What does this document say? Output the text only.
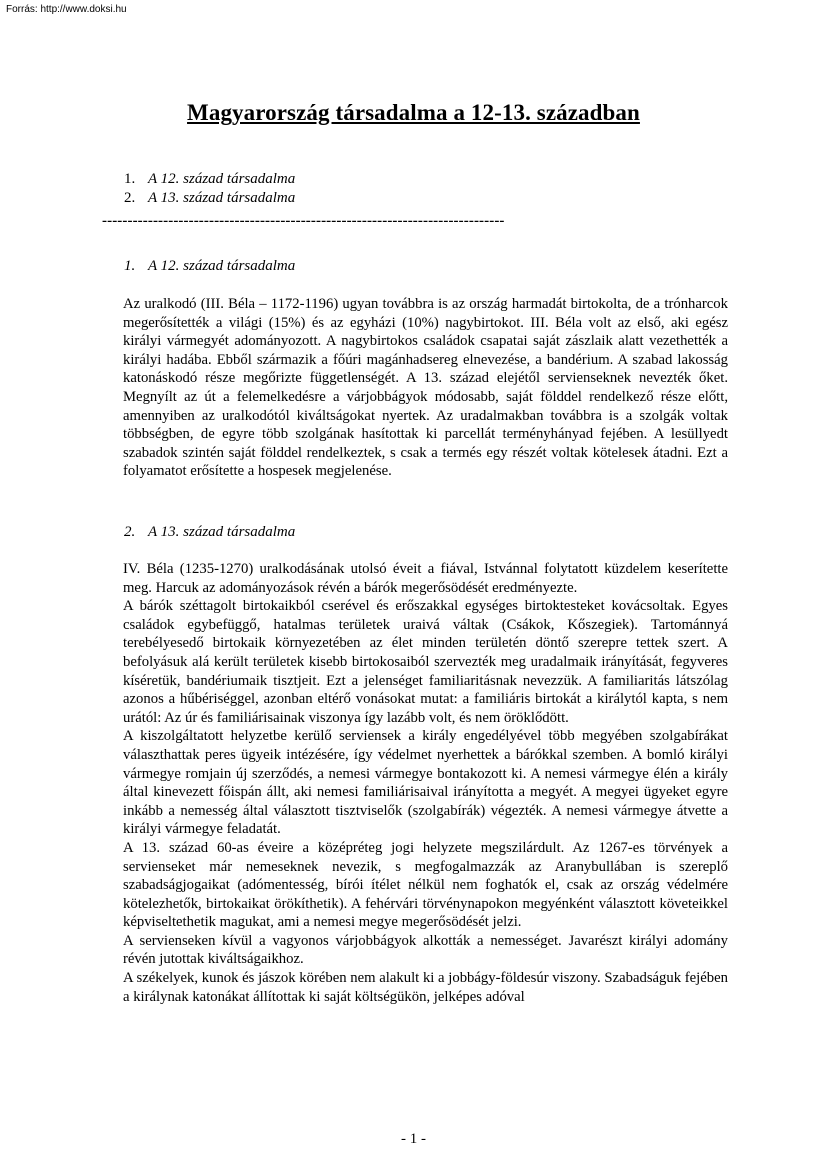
Forrás: http://www.doksi.hu
Magyarország társadalma a 12-13. században
1. A 12. század társadalma
2. A 13. század társadalma
-------------------------------------------------------------------------------
1. A 12. század társadalma

Az uralkodó (III. Béla – 1172-1196) ugyan továbbra is az ország harmadát birtokolta, de a trónharcok megerősítették a világi (15%) és az egyházi (10%) nagybirtokot. III. Béla volt az első, aki egész királyi vármegyét adományozott. A nagybirtokos családok csapatai saját zászlaik alatt vezethették a királyi hadába. Ebből származik a főúri magánhadsereg elnevezése, a bandérium. A szabad lakosság katonáskodó része megőrizte függetlenségét. A 13. század elejétől servienseknek nevezték őket. Megnyílt az út a felemelkedésre a várjobbágyok módosabb, saját földdel rendelkező része előtt, amennyiben az uralkodótól kiváltságokat nyertek. Az uradalmakban továbbra is a szolgák voltak többségben, de egyre több szolgának hasítottak ki parcellát terményhányad fejében. A lesüllyedt szabadok szintén saját földdel rendelkeztek, s csak a termés egy részét voltak kötelesek átadni. Ezt a folyamatot erősítette a hospesek megjelenése.

2. A 13. század társadalma

IV. Béla (1235-1270) uralkodásának utolsó éveit a fiával, Istvánnal folytatott küzdelem keserítette meg. Harcuk az adományozások révén a bárók megerősödését eredményezte.

A bárók széttagolt birtokaikból cserével és erőszakkal egységes birtoktesteket kovácsoltak. Egyes családok egybefüggő, hatalmas területek uraivá váltak (Csákok, Kőszegiek). Tartománnyá terebélyesedő birtokaik környezetében az élet minden területén döntő szerepre tettek szert. A befolyásuk alá került területek kisebb birtokosaiból szervezték meg uradalmaik irányítását, fegyveres kíséretük, bandériumaik tisztjeit. Ezt a jelenséget familiaritásnak nevezzük. A familiaritás látszólag azonos a hűbériséggel, azonban eltérő vonásokat mutat: a familiáris birtokát a királytól kapta, s nem urától: Az úr és familiárisainak viszonya így lazább volt, és nem öröklődött.

A kiszolgáltatott helyzetbe kerülő serviensek a király engedélyével több megyében szolgabírákat választhattak peres ügyeik intézésére, így védelmet nyerhettek a bárókkal szemben. A bomló királyi vármegye romjain új szerződés, a nemesi vármegye bontakozott ki. A nemesi vármegye élén a király által kinevezett főispán állt, aki nemesi familiárisaival irányította a megyét. A megyei ügyeket egyre inkább a nemesség által választott tisztviselők (szolgabírák) végezték. A nemesi vármegye átvette a királyi vármegye feladatát.

A 13. század 60-as éveire a középréteg jogi helyzete megszilárdult. Az 1267-es törvények a servienseket már nemeseknek nevezik, s megfogalmazzák az Aranybullában is szereplő szabadságjogaikat (adómentesség, bírói ítélet nélkül nem foghatók el, csak az ország védelmére kötelezhetők, birtokaikat örökíthetik). A fehérvári törvénynapokon megyénként választott követeikkel képviseltethetik magukat, ami a nemesi megye megerősödését jelzi.

A servienseken kívül a vagyonos várjobbágyok alkották a nemességet. Javarészt királyi adomány révén jutottak kiváltságaikhoz.

A székelyek, kunok és jászok körében nem alakult ki a jobbágy-földesúr viszony. Szabadságuk fejében a királynak katonákat állítottak ki saját költségükön, jelképes adóval

- 1 -
